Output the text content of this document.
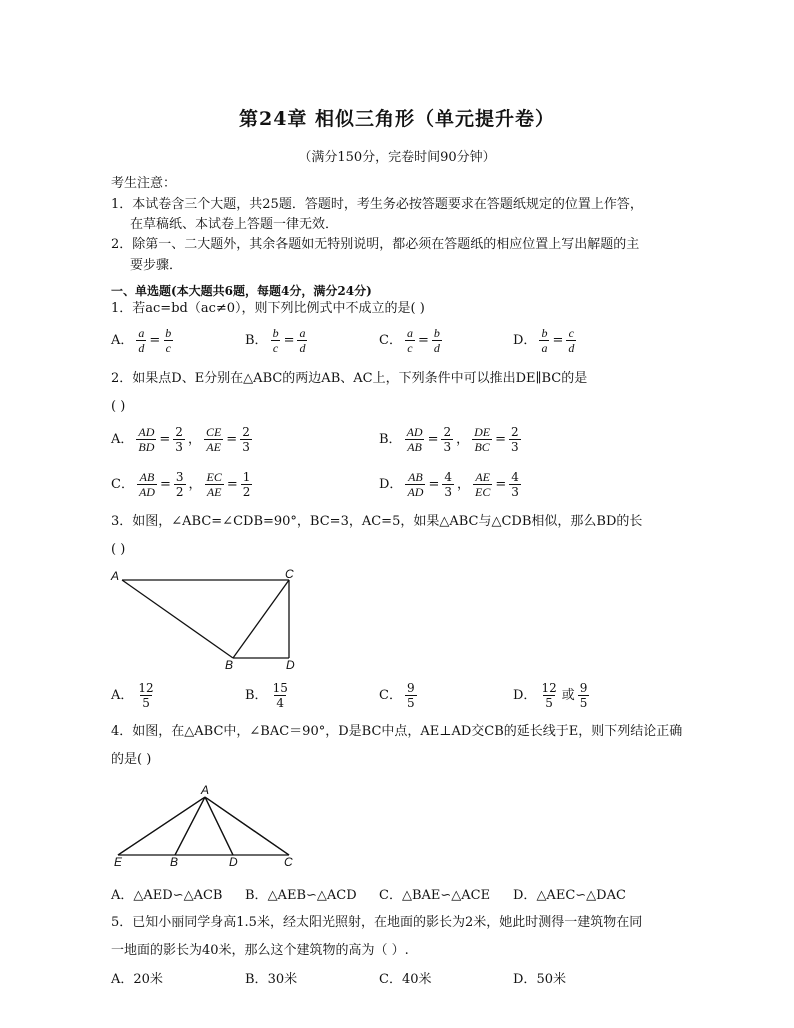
第24章 相似三角形（单元提升卷）
（满分150分，完卷时间90分钟）
考生注意：
1．本试卷含三个大题，共25题．答题时，考生务必按答题要求在答题纸规定的位置上作答，
在草稿纸、本试卷上答题一律无效．
2．除第一、二大题外，其余各题如无特别说明，都必须在答题纸的相应位置上写出解题的主
要步骤．
一、单选题(本大题共6题，每题4分，满分24分)
1．若ac=bd（ac≠0），则下列比例式中不成立的是( )
A． $\frac{a}{d} = \frac{b}{c}$	B． $\frac{b}{c} = \frac{a}{d}$	C． $\frac{a}{c} = \frac{b}{d}$	D． $\frac{b}{a} = \frac{c}{d}$
2．如果点D、E分别在△ABC的两边AB、AC上，下列条件中可以推出DE∥BC的是
( )
A． $\frac{AD}{BD} = \frac{2}{3}$ ， $\frac{CE}{AE} = \frac{2}{3}$	B． $\frac{AD}{AB} = \frac{2}{3}$ ， $\frac{DE}{BC} = \frac{2}{3}$
C． $\frac{AB}{AD} = \frac{3}{2}$ ， $\frac{EC}{AE} = \frac{1}{2}$	D． $\frac{AB}{AD} = \frac{4}{3}$ ， $\frac{AE}{EC} = \frac{4}{3}$
3．如图，∠ABC=∠CDB=90°，BC=3，AC=5，如果△ABC与△CDB相似，那么BD的长
( )
A	C
B	D
A． $\frac{12}{5}$	B． $\frac{15}{4}$	C． $\frac{9}{5}$	D． $\frac{12}{5}$ 或 $\frac{9}{5}$
4．如图，在△ABC中，∠BAC＝90°，D是BC中点，AE⊥AD交CB的延长线于E，则下列结论正确
的是( )
A
E	B	D	C
A．△AED∽△ACB B．△AEB∽△ACD C．△BAE∽△ACE D．△AEC∽△DAC
5．已知小丽同学身高1.5米，经太阳光照射，在地面的影长为2米，她此时测得一建筑物在同
一地面的影长为40米，那么这个建筑物的高为（ ）.
A．20米	B．30米	C．40米	D．50米
